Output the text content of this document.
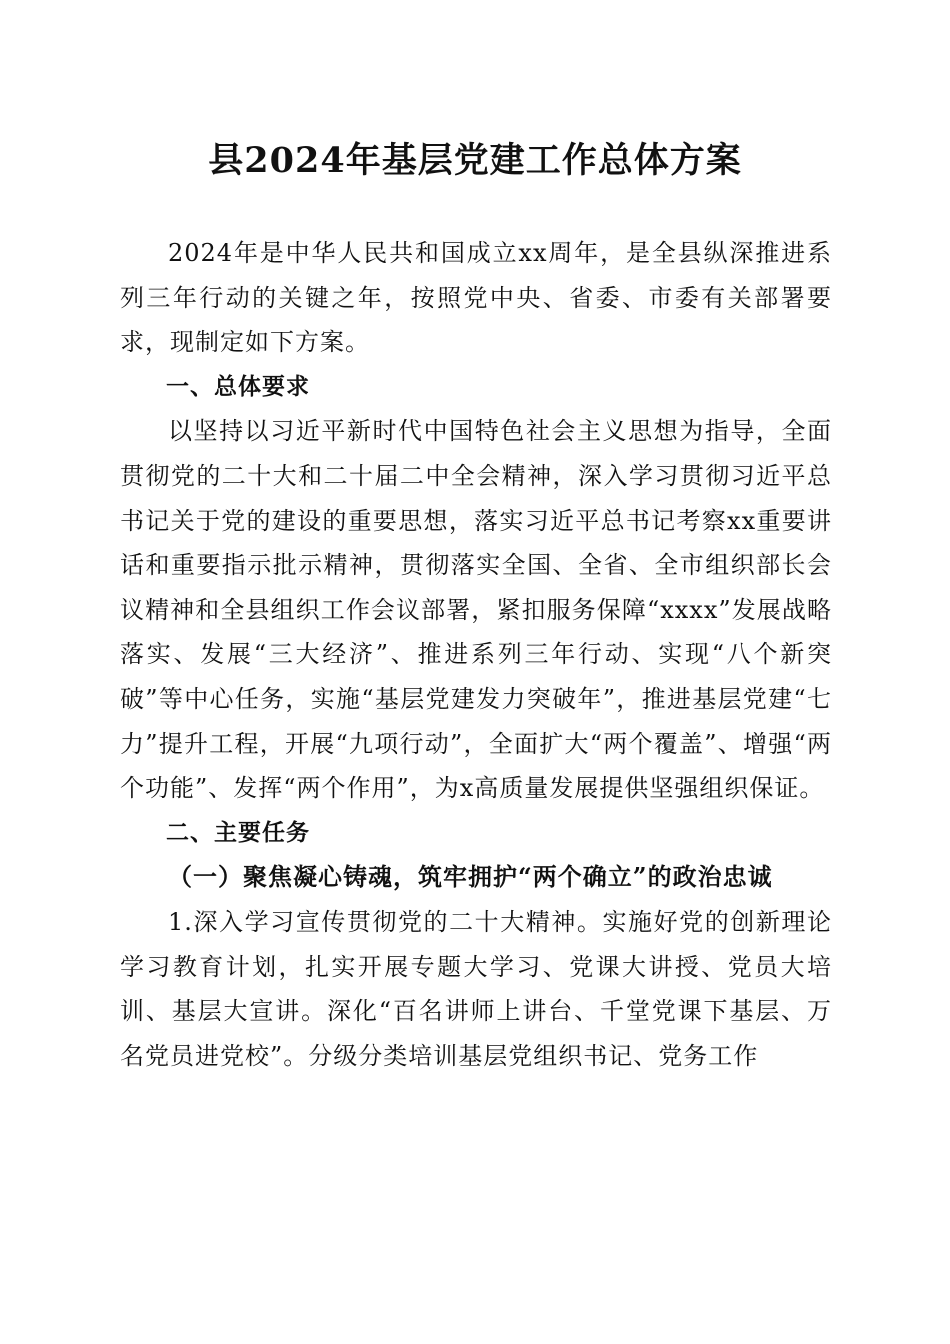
县2024年基层党建工作总体方案

2024年是中华人民共和国成立xx周年，是全县纵深推进系列三年行动的关键之年，按照党中央、省委、市委有关部署要求，现制定如下方案。

一、总体要求

以坚持以习近平新时代中国特色社会主义思想为指导，全面贯彻党的二十大和二十届二中全会精神，深入学习贯彻习近平总书记关于党的建设的重要思想，落实习近平总书记考察xx重要讲话和重要指示批示精神，贯彻落实全国、全省、全市组织部长会议精神和全县组织工作会议部署，紧扣服务保障“xxxx”发展战略落实、发展“三大经济”、推进系列三年行动、实现“八个新突破”等中心任务，实施“基层党建发力突破年”，推进基层党建“七力”提升工程，开展“九项行动”，全面扩大“两个覆盖”、增强“两个功能”、发挥“两个作用”，为x高质量发展提供坚强组织保证。

二、主要任务

（一）聚焦凝心铸魂，筑牢拥护“两个确立”的政治忠诚

1.深入学习宣传贯彻党的二十大精神。实施好党的创新理论学习教育计划，扎实开展专题大学习、党课大讲授、党员大培训、基层大宣讲。深化“百名讲师上讲台、千堂党课下基层、万名党员进党校”。分级分类培训基层党组织书记、党务工作
